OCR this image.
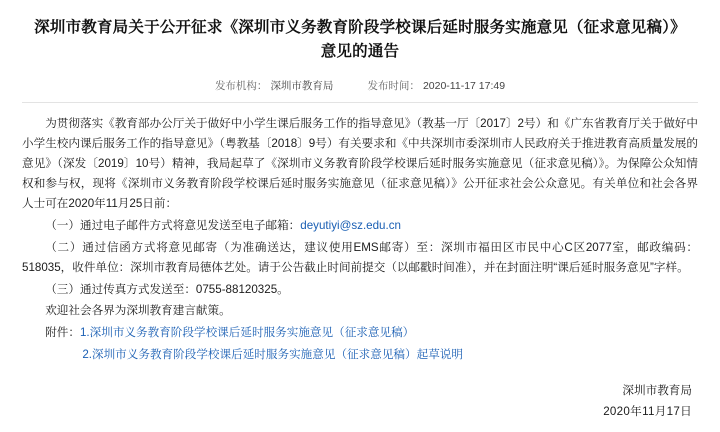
深圳市教育局关于公开征求《深圳市义务教育阶段学校课后延时服务实施意见（征求意见稿）》意见的通告
发布机构： 深圳市教育局	发布时间： 2020-11-17 17:49

为贯彻落实《教育部办公厅关于做好中小学生课后服务工作的指导意见》（教基一厅〔2017〕2号）和《广东省教育厅关于做好中小学生校内课后服务工作的指导意见》（粤教基〔2018〕9号）有关要求和《中共深圳市委深圳市人民政府关于推进教育高质量发展的意见》（深发〔2019〕10号）精神，我局起草了《深圳市义务教育阶段学校课后延时服务实施意见（征求意见稿）》。为保障公众知情权和参与权，现将《深圳市义务教育阶段学校课后延时服务实施意见（征求意见稿）》公开征求社会公众意见。有关单位和社会各界人士可在2020年11月25日前：

（一）通过电子邮件方式将意见发送至电子邮箱：deyutiyi@sz.edu.cn

（二）通过信函方式将意见邮寄（为准确送达，建议使用EMS邮寄）至：深圳市福田区市民中心C区2077室，邮政编码：518035，收件单位：深圳市教育局德体艺处。请于公告截止时间前提交（以邮戳时间准），并在封面注明“课后延时服务意见”字样。

（三）通过传真方式发送至：0755-88120325。

欢迎社会各界为深圳教育建言献策。

附件：1.深圳市义务教育阶段学校课后延时服务实施意见（征求意见稿）

2.深圳市义务教育阶段学校课后延时服务实施意见（征求意见稿）起草说明

深圳市教育局
2020年11月17日
